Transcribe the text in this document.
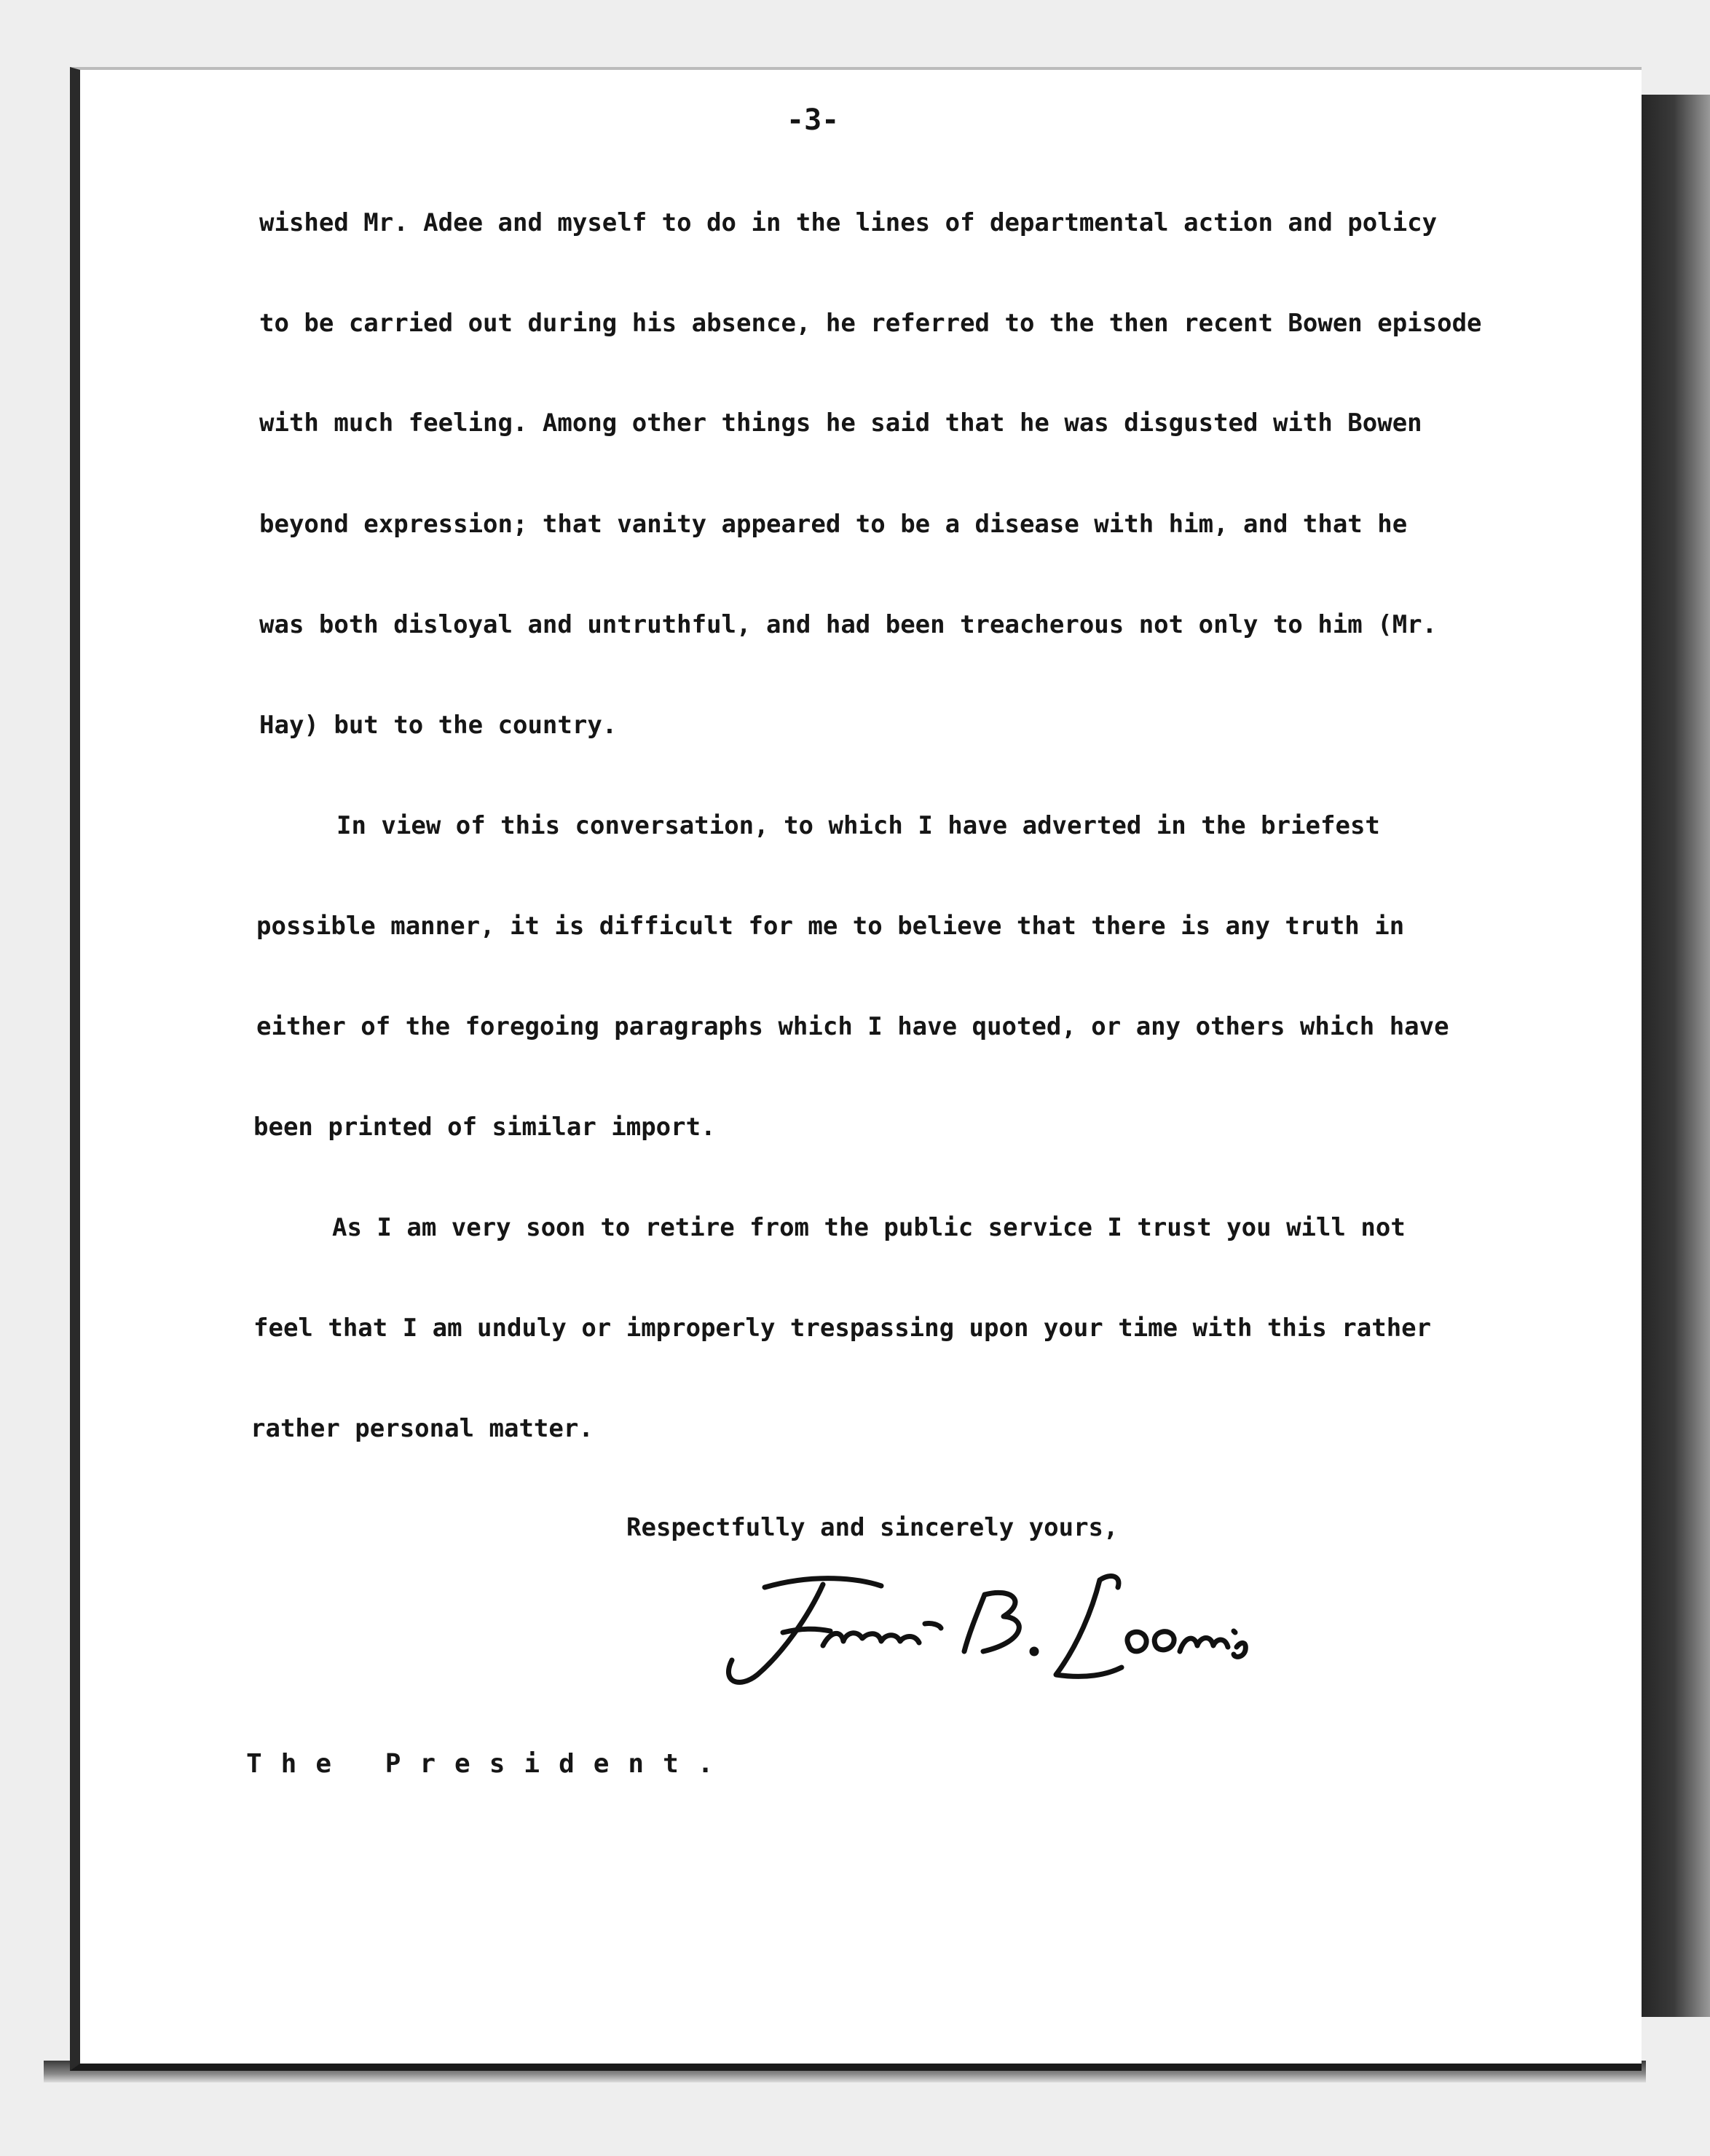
-3-

wished Mr. Adee and myself to do in the lines of departmental action and policy

to be carried out during his absence, he referred to the then recent Bowen episode

with much feeling. Among other things he said that he was disgusted with Bowen

beyond expression; that vanity appeared to be a disease with him, and that he

was both disloyal and untruthful, and had been treacherous not only to him (Mr.

Hay) but to the country.

In view of this conversation, to which I have adverted in the briefest

possible manner, it is difficult for me to believe that there is any truth in

either of the foregoing paragraphs which I have quoted, or any others which have

been printed of similar import.

As I am very soon to retire from the public service I trust you will not

feel that I am unduly or improperly trespassing upon your time with this rather

rather personal matter.

Respectfully and sincerely yours,
The President.
